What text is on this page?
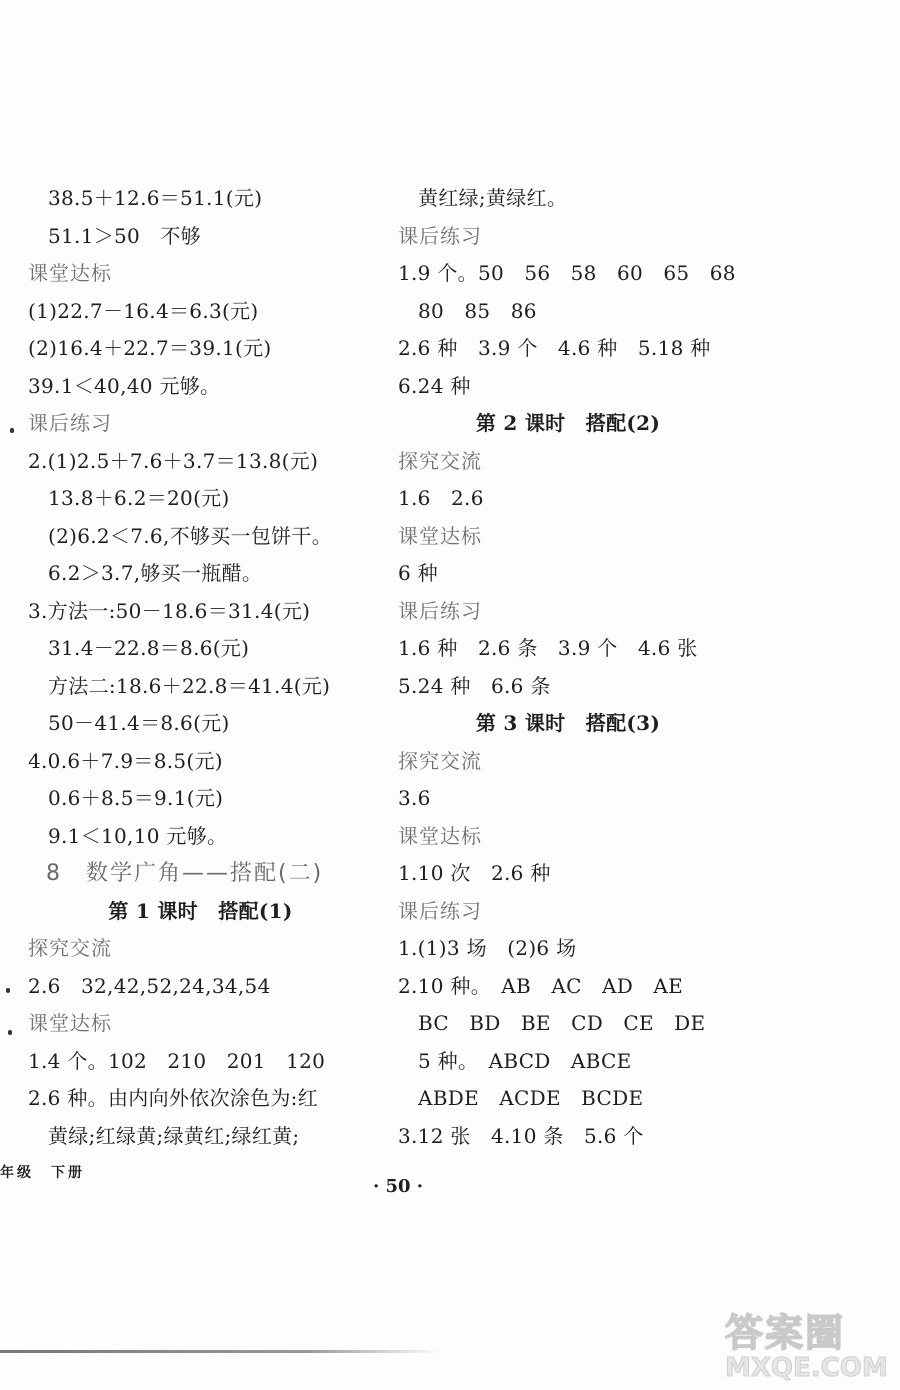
38.5＋12.6＝51.1(元)
51.1＞50　不够
课堂达标
(1)22.7－16.4＝6.3(元)
(2)16.4＋22.7＝39.1(元)
39.1＜40,40 元够。
课后练习
2.(1)2.5＋7.6＋3.7＝13.8(元)
13.8＋6.2＝20(元)
(2)6.2＜7.6,不够买一包饼干。
6.2＞3.7,够买一瓶醋。
3.方法一:50－18.6＝31.4(元)
31.4－22.8＝8.6(元)
方法二:18.6＋22.8＝41.4(元)
50－41.4＝8.6(元)
4.0.6＋7.9＝8.5(元)
0.6＋8.5＝9.1(元)
9.1＜10,10 元够。
8　数学广角——搭配(二)
第 1 课时　搭配(1)
探究交流
2.6　32,42,52,24,34,54
课堂达标
1.4 个。102　210　201　120
2.6 种。由内向外依次涂色为:红
黄绿;红绿黄;绿黄红;绿红黄;
黄红绿;黄绿红。
课后练习
1.9 个。50　56　58　60　65　68
80　85　86
2.6 种　3.9 个　4.6 种　5.18 种
6.24 种
第 2 课时　搭配(2)
探究交流
1.6　2.6
课堂达标
6 种
课后练习
1.6 种　2.6 条　3.9 个　4.6 张
5.24 种　6.6 条
第 3 课时　搭配(3)
探究交流
3.6
课堂达标
1.10 次　2.6 种
课后练习
1.(1)3 场　(2)6 场
2.10 种。　AB　AC　AD　AE
BC　BD　BE　CD　CE　DE
5 种。　ABCD　ABCE
ABDE　ACDE　BCDE
3.12 张　4.10 条　5.6 个
年级　下册
· 50 ·
答案圈
MXQE.COM
